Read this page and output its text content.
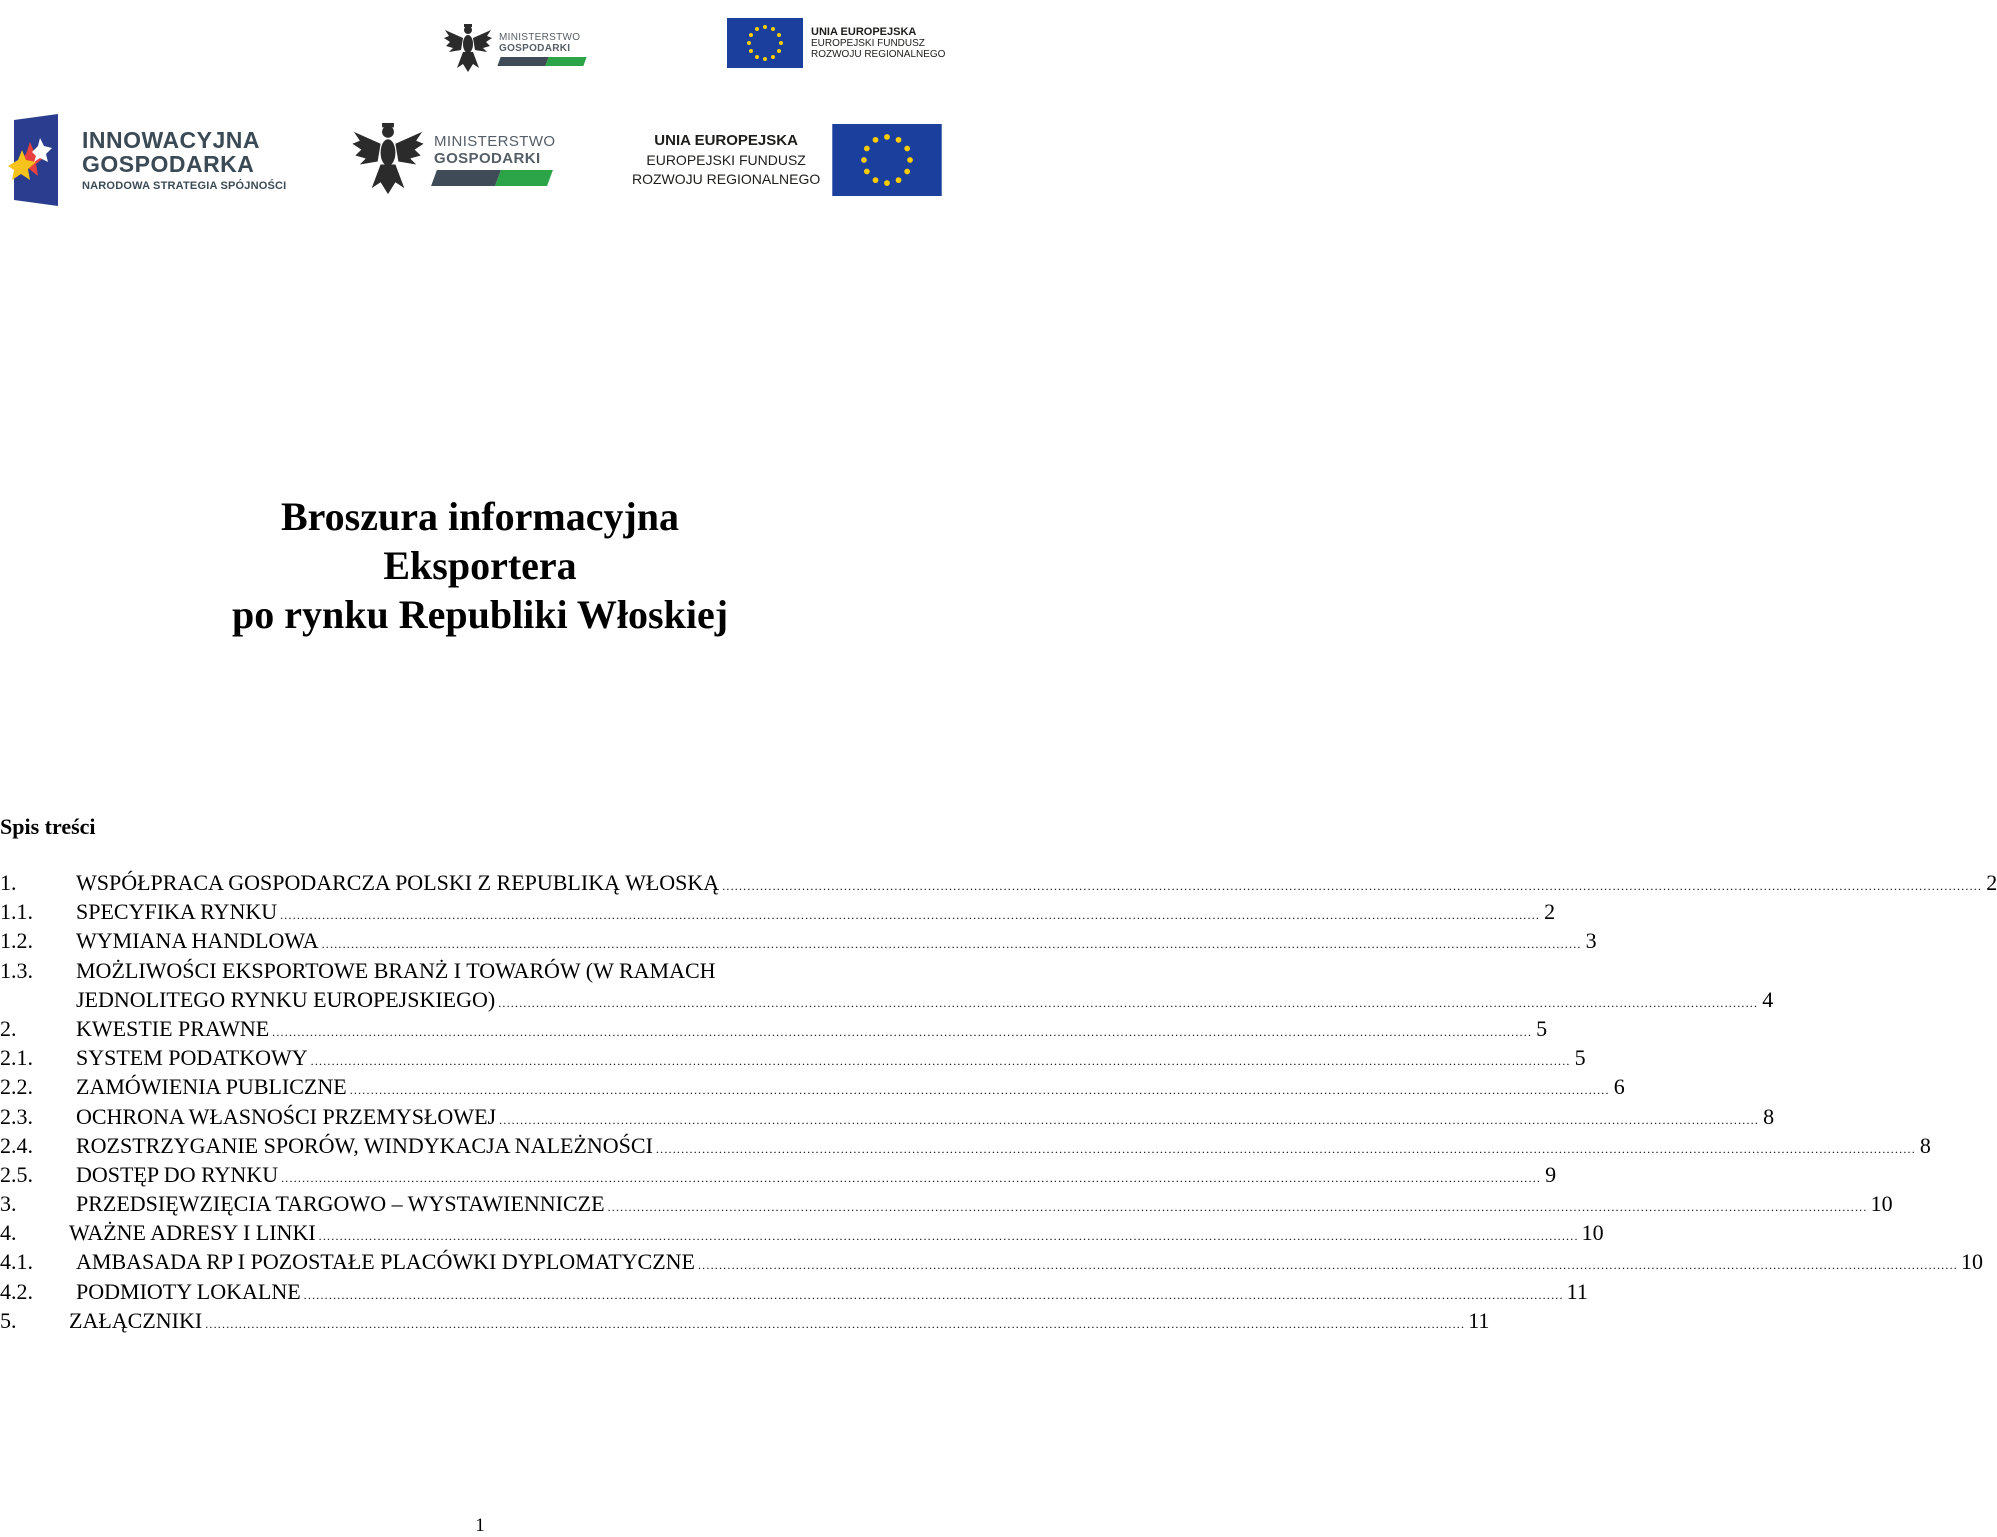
MINISTERSTWO
GOSPODARKI
UNIA EUROPEJSKA
EUROPEJSKI FUNDUSZ
ROZWOJU REGIONALNEGO
INNOWACYJNA
GOSPODARKA
NARODOWA STRATEGIA SPÓJNOŚCI
MINISTERSTWO
GOSPODARKI
UNIA EUROPEJSKA
EUROPEJSKI FUNDUSZ
ROZWOJU REGIONALNEGO
Broszura informacyjna
Eksportera
po rynku Republiki Włoskiej
Spis treści
1.	WSPÓŁPRACA GOSPODARCZA POLSKI Z REPUBLIKĄ WŁOSKĄ ............................................................................................................................................................................................................................................................................................................ 2
1.1.	SPECYFIKA RYNKU ............................................................................................................................................................................................................................................................................................................ 2
1.2.	WYMIANA HANDLOWA ............................................................................................................................................................................................................................................................................................................ 3
1.3.	MOŻLIWOŚCI EKSPORTOWE BRANŻ I TOWARÓW (W RAMACH
JEDNOLITEGO RYNKU EUROPEJSKIEGO) ............................................................................................................................................................................................................................................................................................................ 4
2.	KWESTIE PRAWNE ............................................................................................................................................................................................................................................................................................................ 5
2.1.	SYSTEM PODATKOWY ............................................................................................................................................................................................................................................................................................................ 5
2.2.	ZAMÓWIENIA PUBLICZNE ............................................................................................................................................................................................................................................................................................................ 6
2.3.	OCHRONA WŁASNOŚCI PRZEMYSŁOWEJ ............................................................................................................................................................................................................................................................................................................ 8
2.4.	ROZSTRZYGANIE SPORÓW, WINDYKACJA NALEŻNOŚCI ............................................................................................................................................................................................................................................................................................................ 8
2.5.	DOSTĘP DO RYNKU ............................................................................................................................................................................................................................................................................................................ 9
3.	PRZEDSIĘWZIĘCIA TARGOWO – WYSTAWIENNICZE ............................................................................................................................................................................................................................................................................................................ 10
4.	WAŻNE ADRESY I LINKI ............................................................................................................................................................................................................................................................................................................ 10
4.1.	AMBASADA RP I POZOSTAŁE PLACÓWKI DYPLOMATYCZNE ............................................................................................................................................................................................................................................................................................................ 10
4.2.	PODMIOTY LOKALNE ............................................................................................................................................................................................................................................................................................................ 11
5.	ZAŁĄCZNIKI ............................................................................................................................................................................................................................................................................................................ 11
1
